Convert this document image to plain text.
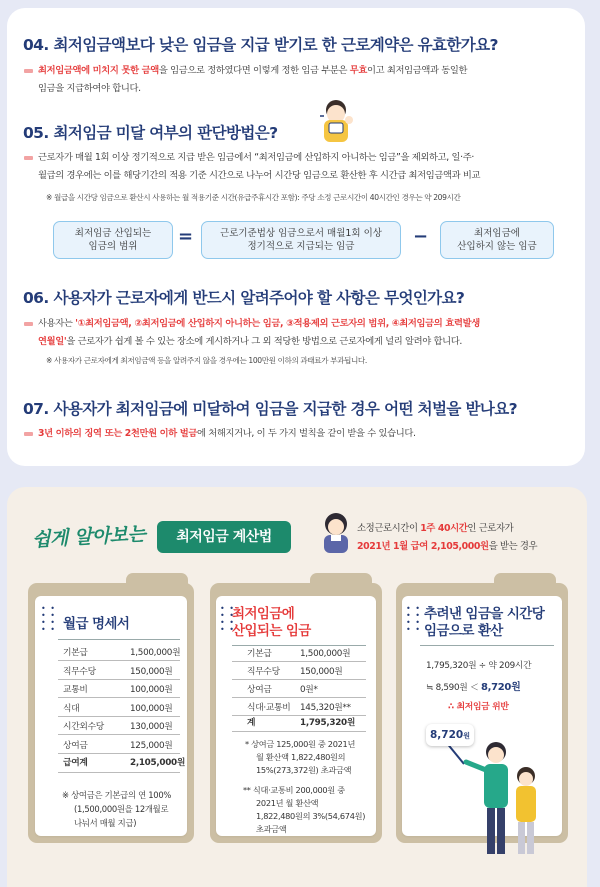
04. 최저임금액보다 낮은 임금을 지급 받기로 한 근로계약은 유효한가요?
최저임금액에 미치지 못한 금액을 임금으로 정하였다면 이렇게 정한 임금 부분은 무효이고 최저임금액과 동일한
임금을 지급하여야 합니다.
05. 최저임금 미달 여부의 판단방법은?
근로자가 매월 1회 이상 정기적으로 지급 받은 임금에서 “최저임금에 산입하지 아니하는 임금”을 제외하고, 일·주·
월급의 경우에는 이를 해당기간의 적용 기준 시간으로 나누어 시간당 임금으로 환산한 후 시간급 최저임금액과 비교
※ 월급을 시간당 임금으로 환산시 사용하는 월 적용기준 시간(유급주휴시간 포함): 주당 소정 근로시간이 40시간인 경우는 약 209시간
최저임금 산입되는
임금의 범위	=	근로기준법상 임금으로서 매월1회 이상
정기적으로 지급되는 임금	−	최저임금에
산입하지 않는 임금
06. 사용자가 근로자에게 반드시 알려주어야 할 사항은 무엇인가요?
사용자는 '①최저임금액, ②최저임금에 산입하지 아니하는 임금, ③적용제외 근로자의 범위, ④최저임금의 효력발생
연월일'을 근로자가 쉽게 볼 수 있는 장소에 게시하거나 그 외 적당한 방법으로 근로자에게 널리 알려야 합니다.
※ 사용자가 근로자에게 최저임금액 등을 알려주지 않을 경우에는 100만원 이하의 과태료가 부과됩니다.
07. 사용자가 최저임금에 미달하여 임금을 지급한 경우 어떤 처벌을 받나요?
3년 이하의 징역 또는 2천만원 이하 벌금에 처해지거나, 이 두 가지 벌칙을 같이 받을 수 있습니다.
쉽게 알아보는	최저임금 계산법
소정근로시간이 1주 40시간인 근로자가
2021년 1월 급여 2,105,000원을 받는 경우
• •
• •
• •
• • 월급 명세서
기본급	1,500,000원
직무수당	150,000원
교통비	100,000원
식대	100,000원
시간외수당	130,000원
상여금	125,000원
급여계	2,105,000원
※ 상여금은 기본급의 연 100%
(1,500,000원을 12개월로
나눠서 매월 지급)
• •
• •
• •
• •
최저임금에
산입되는 임금
기본급	1,500,000원
직무수당 150,000원
상여금	0원*
식대·교통비 145,320원**
계	1,795,320원
* 상여금 125,000원 중 2021년
월 환산액 1,822,480원의
15%(273,372원) 초과금액
** 식대·교통비 200,000원 중
2021년 월 환산액
1,822,480원의 3%(54,674원)
초과금액
• •
• •
• •
• •
추려낸 임금을 시간당
임금으로 환산
1,795,320원 ÷ 약 209시간
≒ 8,590원 ＜ 8,720원
∴ 최저임금 위반
8,720원
